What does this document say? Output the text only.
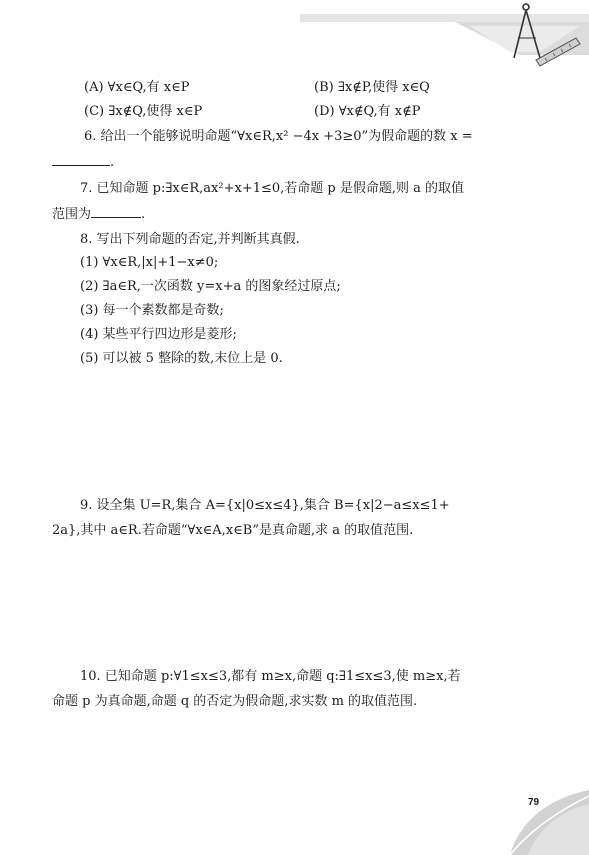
(A) ∀x∈Q,有 x∈P	(B) ∃x∉P,使得 x∈Q
(C) ∃x∉Q,使得 x∈P	(D) ∀x∉Q,有 x∉P
6. 给出一个能够说明命题“∀x∈R,x² −4x +3≥0”为假命题的数 x =
.
7. 已知命题 p:∃x∈R,ax²+x+1≤0,若命题 p 是假命题,则 a 的取值
范围为	.
8. 写出下列命题的否定,并判断其真假.
(1) ∀x∈R,|x|+1−x≠0;
(2) ∃a∈R,一次函数 y=x+a 的图象经过原点;
(3) 每一个素数都是奇数;
(4) 某些平行四边形是菱形;
(5) 可以被 5 整除的数,末位上是 0.
9. 设全集 U=R,集合 A={x|0≤x≤4},集合 B={x|2−a≤x≤1+
2a},其中 a∈R.若命题“∀x∈A,x∈B”是真命题,求 a 的取值范围.
10. 已知命题 p:∀1≤x≤3,都有 m≥x,命题 q:∃1≤x≤3,使 m≥x,若
命题 p 为真命题,命题 q 的否定为假命题,求实数 m 的取值范围.
79
